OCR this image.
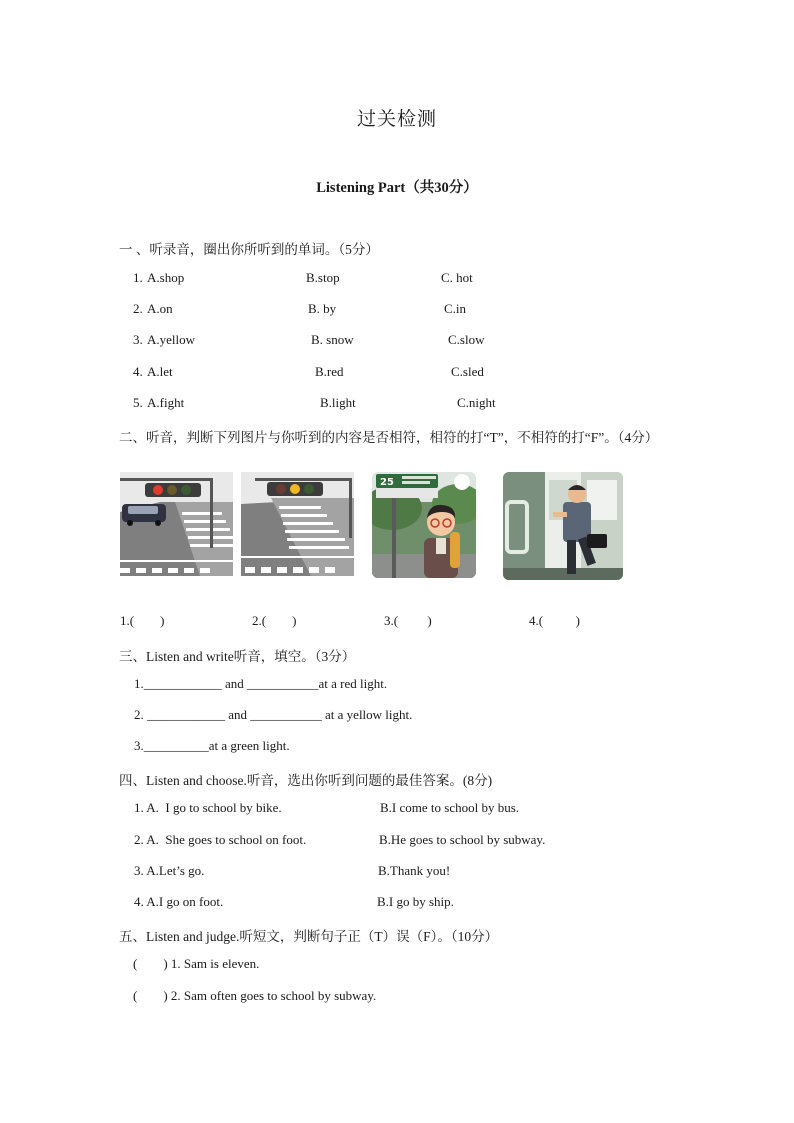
过关检测
Listening Part（共30分）
一 、听录音，圈出你所听到的单词。（5分）
1. A.shop	B.stop	C. hot
2. A.on	B. by	C.in
3. A.yellow	B. snow	C.slow
4. A.let	B.red	C.sled
5. A.fight	B.light	C.night
二、听音，判断下列图片与你听到的内容是否相符，相符的打“T”，不相符的打“F”。（4分）
25
1.(        )	2.(        )	3.(         )	4.(          )
三、Listen and write听音，填空。（3分）
1.____________ and ___________at a red light.
2. ____________ and ___________ at a yellow light.
3.__________at a green light.
四、Listen and choose.听音，选出你听到问题的最佳答案。(8分)
1. A.  I go to school by bike.	B.I come to school by bus.
2. A.  She goes to school on foot.	B.He goes to school by subway.
3. A.Let’s go.	B.Thank you!
4. A.I go on foot.	B.I go by ship.
五、Listen and judge.听短文，判断句子正（T）误（F）。（10分）
(        ) 1. Sam is eleven.
(        ) 2. Sam often goes to school by subway.
